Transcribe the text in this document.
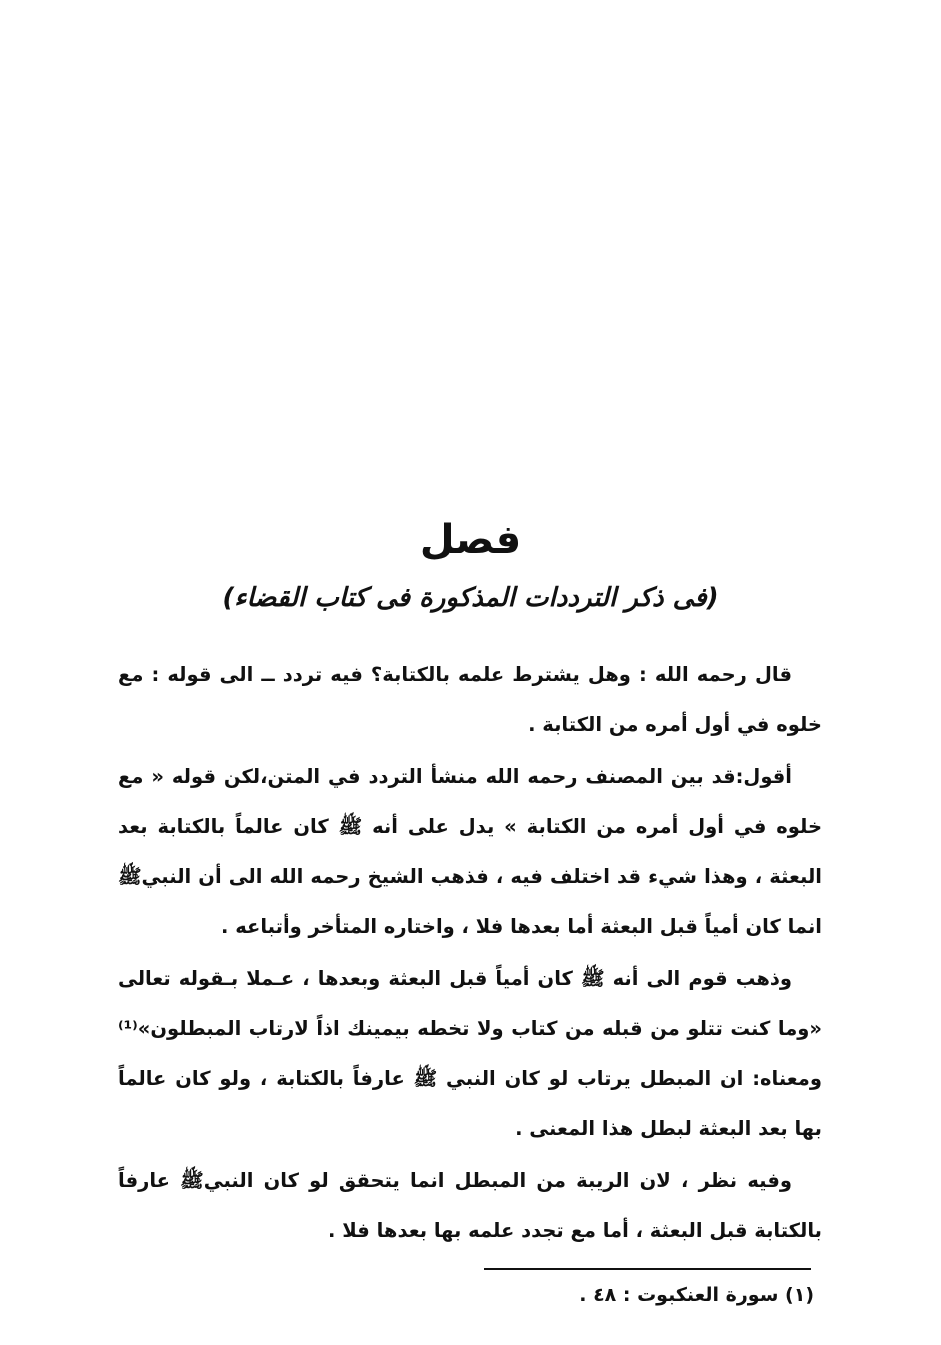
فصل
(فى ذكر الترددات المذكورة فى كتاب القضاء)

قال رحمه الله : وهل يشترط علمه بالكتابة؟ فيه تردد ــ الى قوله : مع خلوه في أول أمره من الكتابة .

أقول:قد بين المصنف رحمه الله منشأ التردد في المتن،لكن قوله « مع خلوه في أول أمره من الكتابة » يدل على أنه ﷺ كان عالماً بالكتابة بعد البعثة ، وهذا شيء قد اختلف فيه ، فذهب الشيخ رحمه الله الى أن النبيﷺ انما كان أمياً قبل البعثة أما بعدها فلا ، واختاره المتأخر وأتباعه .

وذهب قوم الى أنه ﷺ كان أمياً قبل البعثة وبعدها ، عـملا بـقوله تعالى «وما كنت تتلو من قبله من كتاب ولا تخطه بيمينك اذاً لارتاب المبطلون»⁽¹⁾ومعناه: ان المبطل يرتاب لو كان النبي ﷺ عارفاً بالكتابة ، ولو كان عالماً بها بعد البعثة لبطل هذا المعنى .

وفيه نظر ، لان الريبة من المبطل انما يتحقق لو كان النبيﷺ عارفاً بالكتابة قبل البعثة ، أما مع تجدد علمه بها بعدها فلا .

(١) سورة العنكبوت : ٤٨ .
